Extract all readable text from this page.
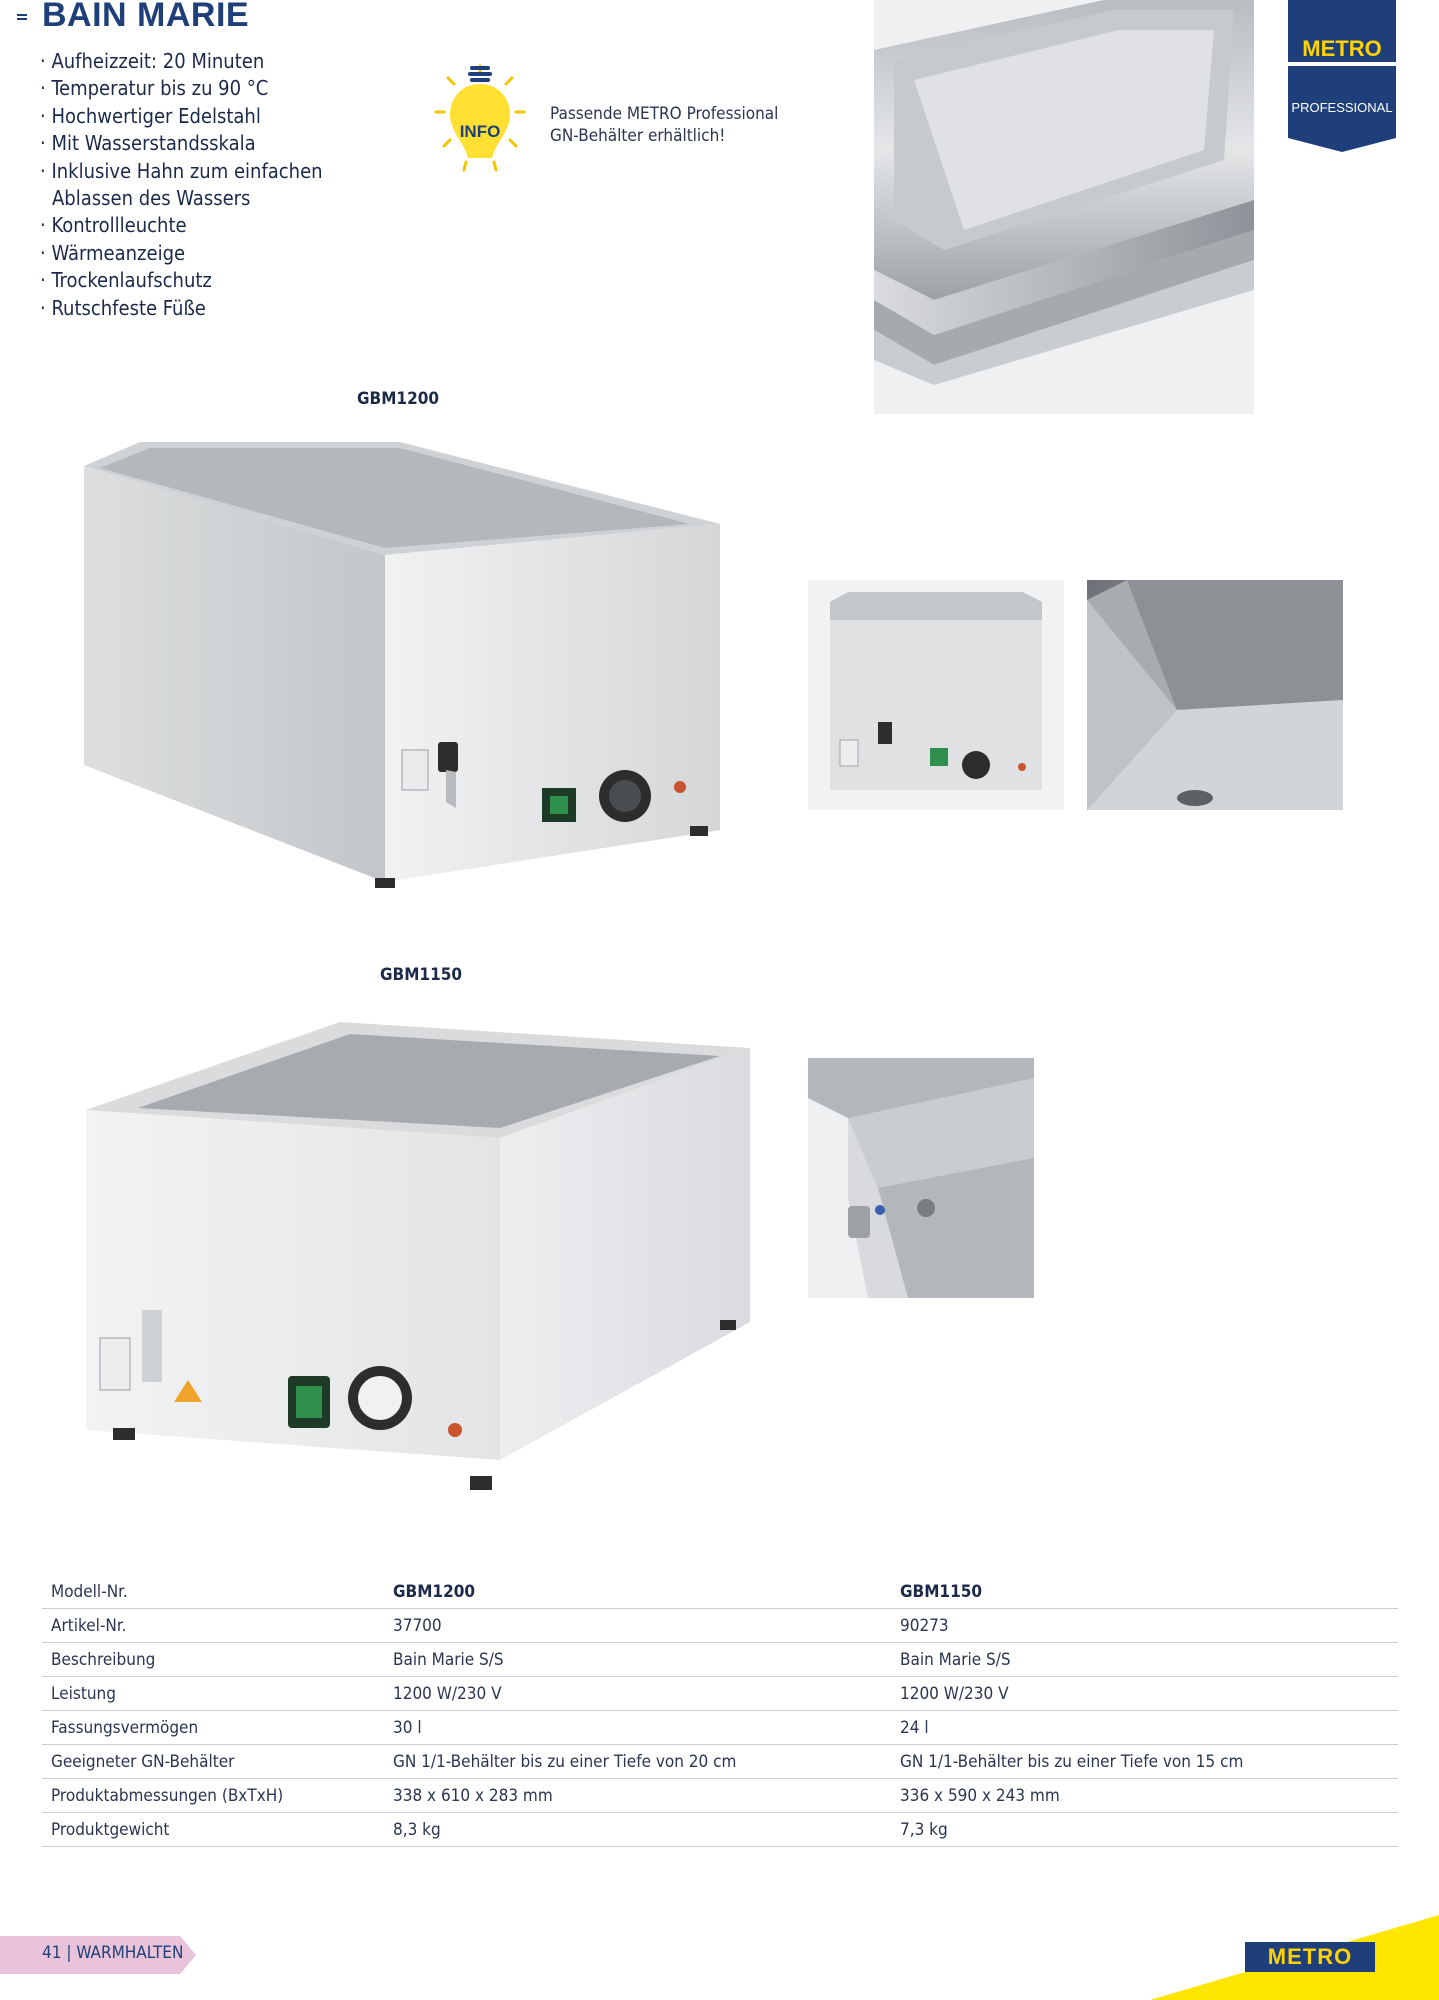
BAIN MARIE
· Aufheizzeit: 20 Minuten
· Temperatur bis zu 90 °C
· Hochwertiger Edelstahl
· Mit Wasserstandsskala
· Inklusive Hahn zum einfachen Ablassen des Wassers
· Kontrollleuchte
· Wärmeanzeige
· Trockenlaufschutz
· Rutschfeste Füße
INFO
Passende METRO Professional
GN-Behälter erhältlich!
METRO
PROFESSIONAL
GBM1200
GBM1150
Modell-Nr.	GBM1200	GBM1150
Artikel-Nr.	37700	90273
Beschreibung	Bain Marie S/S	Bain Marie S/S
Leistung	1200 W/230 V	1200 W/230 V
Fassungsvermögen	30 l	24 l
Geeigneter GN-Behälter	GN 1/1-Behälter bis zu einer Tiefe von 20 cm	GN 1/1-Behälter bis zu einer Tiefe von 15 cm
Produktabmessungen (BxTxH)	338 x 610 x 283 mm	336 x 590 x 243 mm
Produktgewicht	8,3 kg	7,3 kg
41 | WARMHALTEN	METRO
